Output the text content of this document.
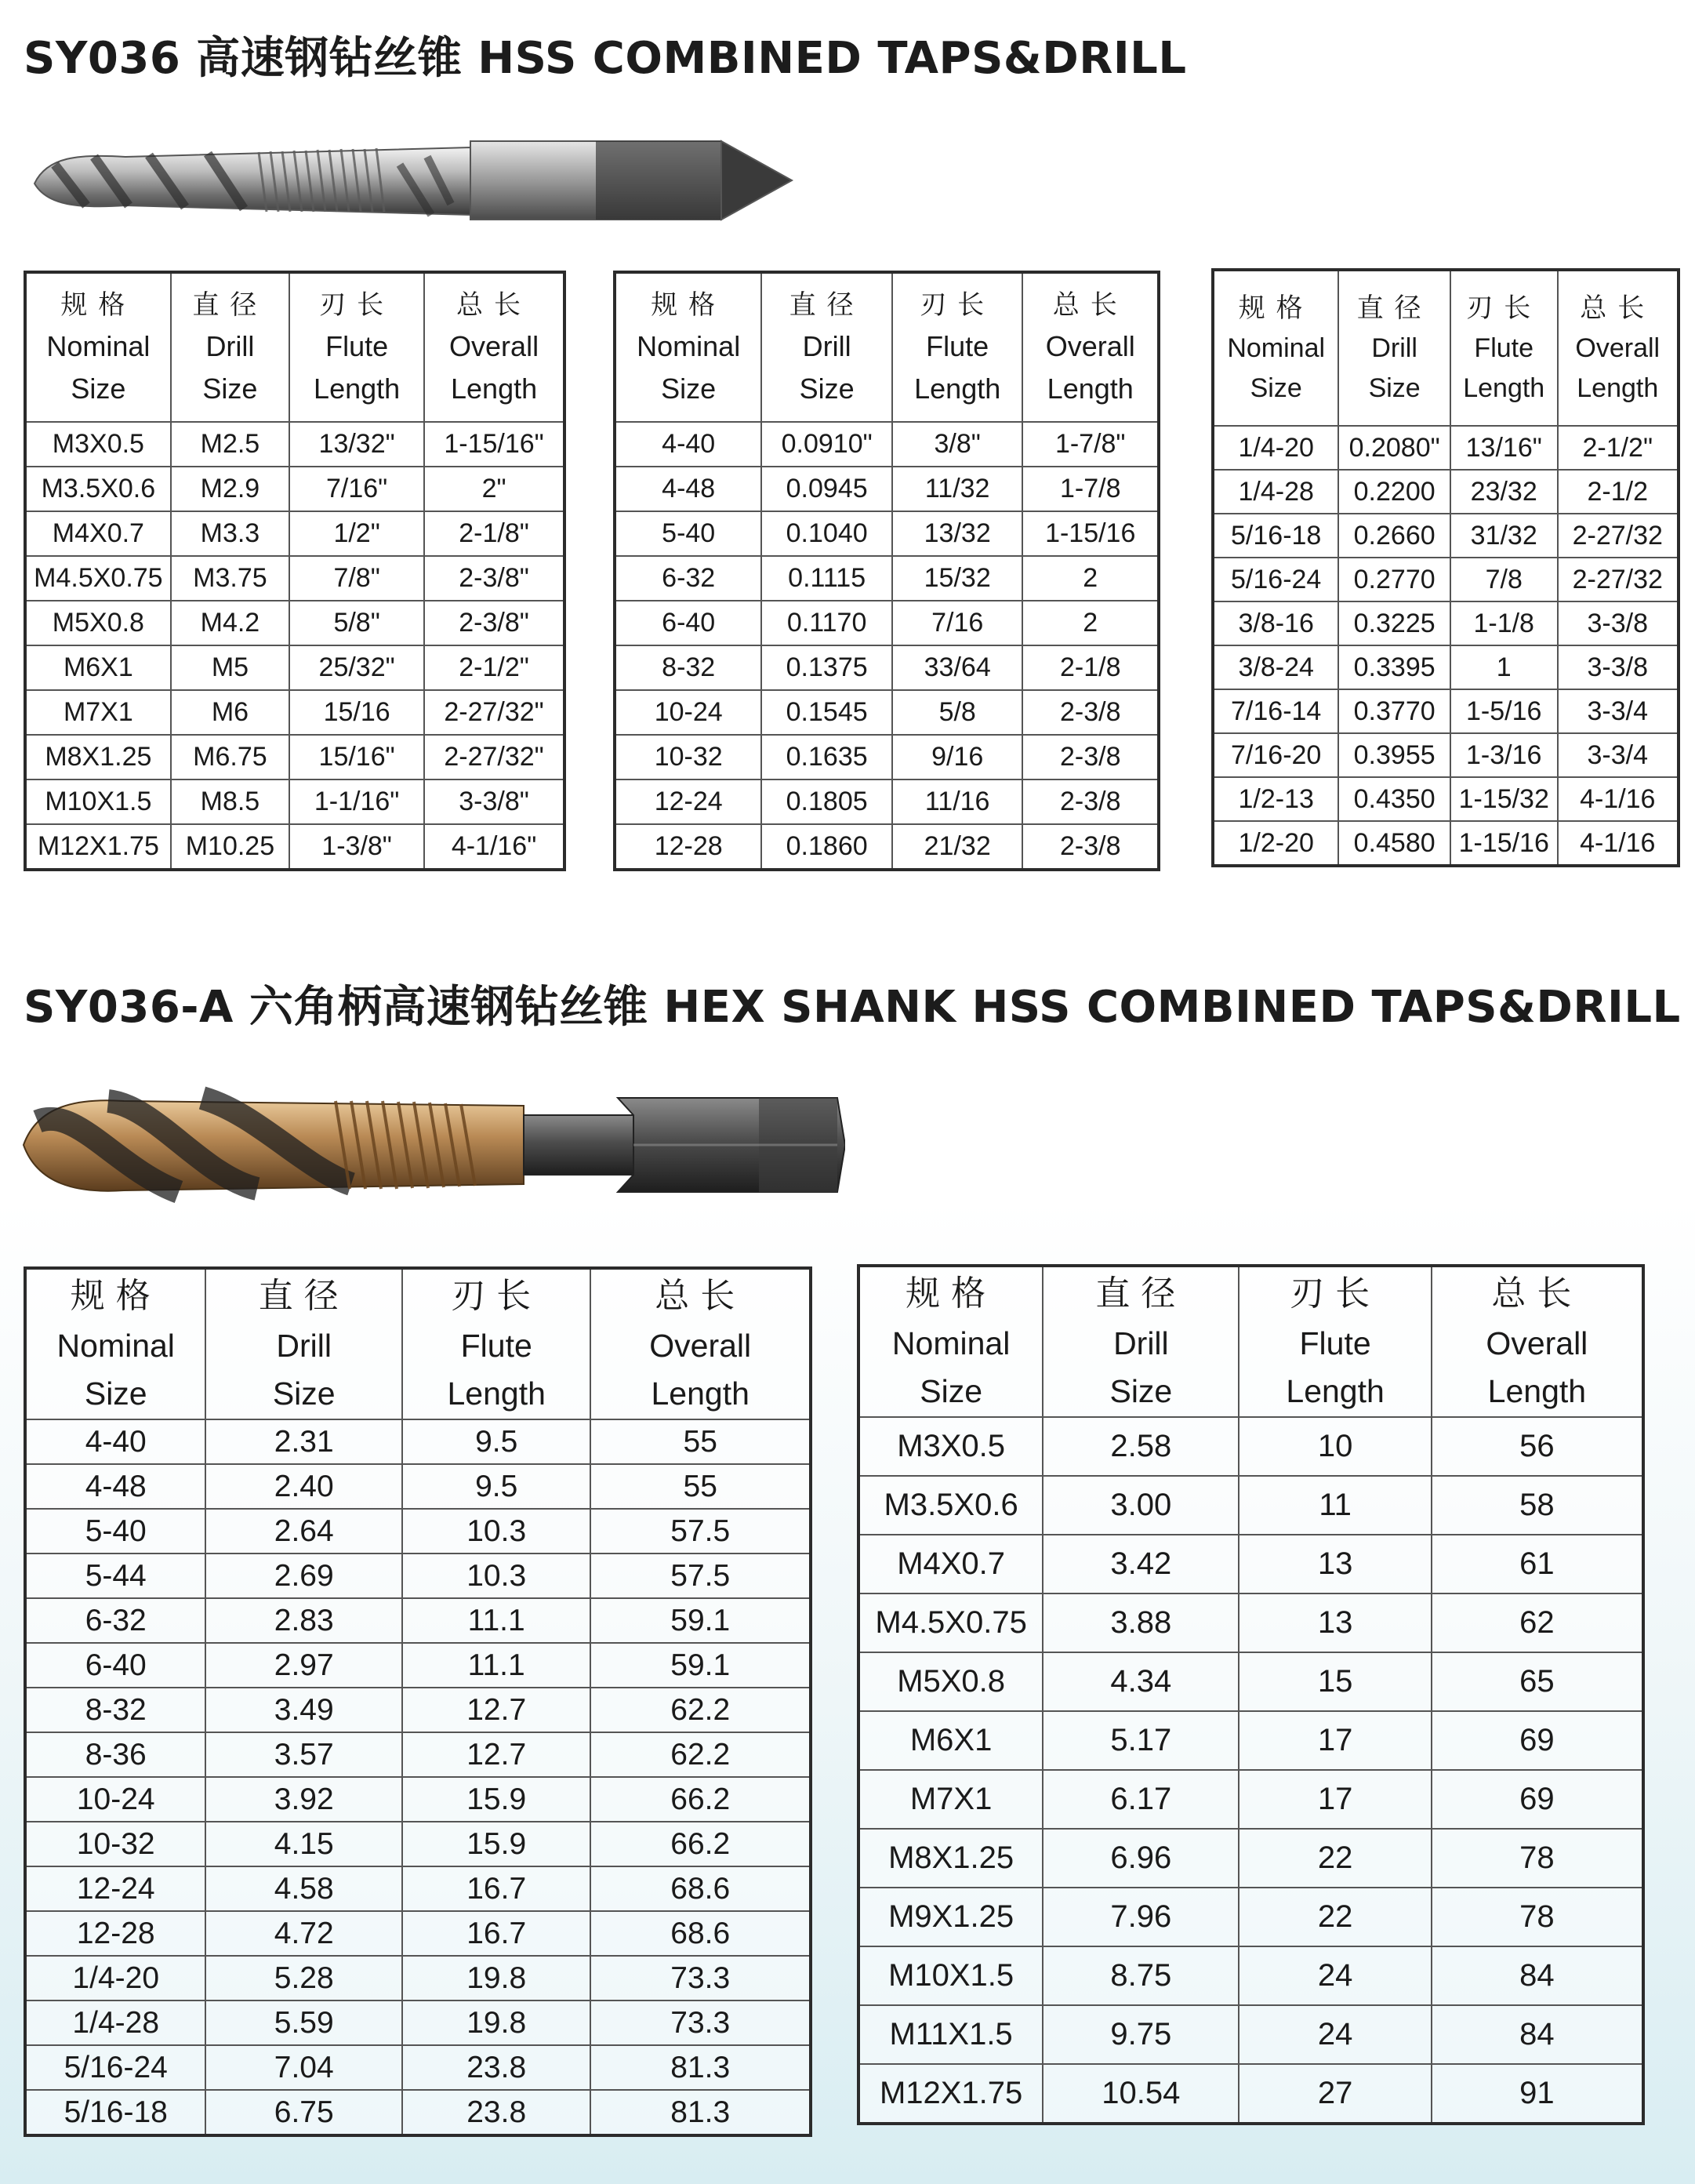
SY036 高速钢钻丝锥 HSS COMBINED TAPS&DRILL
规格
Nominal
Size	直径
Drill
Size	刃长
Flute
Length	总长
Overall
Length

M3X0.5	M2.5	13/32"	1-15/16"
M3.5X0.6	M2.9	7/16"	2"
M4X0.7	M3.3	1/2"	2-1/8"
M4.5X0.75	M3.75	7/8"	2-3/8"
M5X0.8	M4.2	5/8"	2-3/8"
M6X1	M5	25/32"	2-1/2"
M7X1	M6	15/16	2-27/32"
M8X1.25	M6.75	15/16"	2-27/32"
M10X1.5	M8.5	1-1/16"	3-3/8"
M12X1.75	M10.25	1-3/8"	4-1/16"
规格
Nominal
Size	直径
Drill
Size	刃长
Flute
Length	总长
Overall
Length

4-40	0.0910"	3/8"	1-7/8"
4-48	0.0945	11/32	1-7/8
5-40	0.1040	13/32	1-15/16
6-32	0.1115	15/32	2
6-40	0.1170	7/16	2
8-32	0.1375	33/64	2-1/8
10-24	0.1545	5/8	2-3/8
10-32	0.1635	9/16	2-3/8
12-24	0.1805	11/16	2-3/8
12-28	0.1860	21/32	2-3/8
规格
Nominal
Size	直径
Drill
Size	刃长
Flute
Length	总长
Overall
Length

1/4-20	0.2080"	13/16"	2-1/2"
1/4-28	0.2200	23/32	2-1/2
5/16-18	0.2660	31/32	2-27/32
5/16-24	0.2770	7/8	2-27/32
3/8-16	0.3225	1-1/8	3-3/8
3/8-24	0.3395	1	3-3/8
7/16-14	0.3770	1-5/16	3-3/4
7/16-20	0.3955	1-3/16	3-3/4
1/2-13	0.4350	1-15/32	4-1/16
1/2-20	0.4580	1-15/16	4-1/16
SY036-A 六角柄高速钢钻丝锥 HEX SHANK HSS COMBINED TAPS&DRILL
规格
Nominal
Size	直径
Drill
Size	刃长
Flute
Length	总长
Overall
Length

4-40	2.31	9.5	55
4-48	2.40	9.5	55
5-40	2.64	10.3	57.5
5-44	2.69	10.3	57.5
6-32	2.83	11.1	59.1
6-40	2.97	11.1	59.1
8-32	3.49	12.7	62.2
8-36	3.57	12.7	62.2
10-24	3.92	15.9	66.2
10-32	4.15	15.9	66.2
12-24	4.58	16.7	68.6
12-28	4.72	16.7	68.6
1/4-20	5.28	19.8	73.3
1/4-28	5.59	19.8	73.3
5/16-24	7.04	23.8	81.3
5/16-18	6.75	23.8	81.3
规格
Nominal
Size	直径
Drill
Size	刃长
Flute
Length	总长
Overall
Length

M3X0.5	2.58	10	56
M3.5X0.6	3.00	11	58
M4X0.7	3.42	13	61
M4.5X0.75	3.88	13	62
M5X0.8	4.34	15	65
M6X1	5.17	17	69
M7X1	6.17	17	69
M8X1.25	6.96	22	78
M9X1.25	7.96	22	78
M10X1.5	8.75	24	84
M11X1.5	9.75	24	84
M12X1.75	10.54	27	91
